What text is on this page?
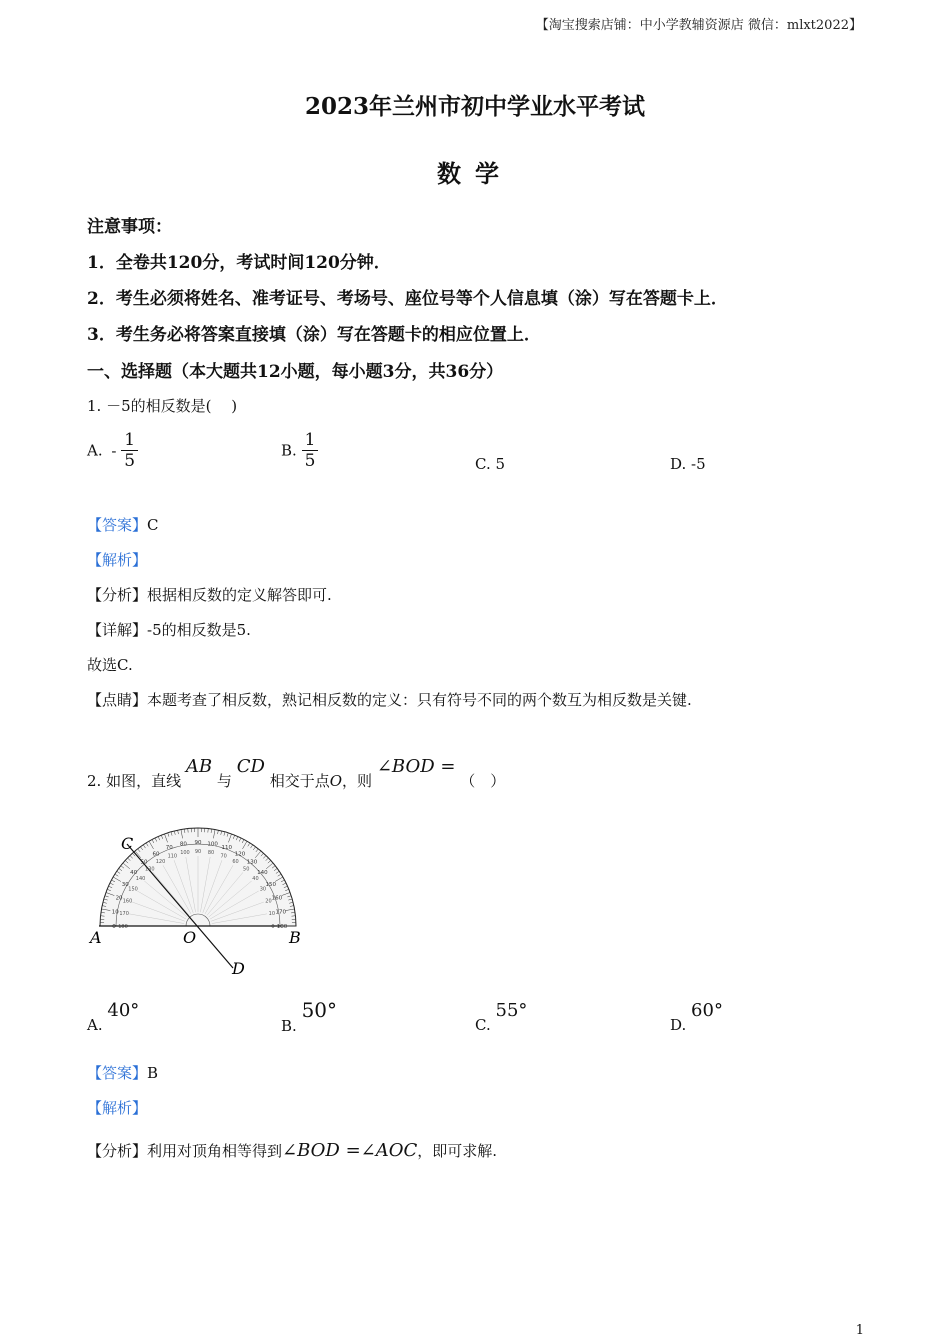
【淘宝搜索店铺：中小学教辅资源店 微信：mlxt2022】
2023年兰州市初中学业水平考试
数学
注意事项：
1．全卷共120分，考试时间120分钟．
2．考生必须将姓名、准考证号、考场号、座位号等个人信息填（涂）写在答题卡上．
3．考生务必将答案直接填（涂）写在答题卡的相应位置上．
一、选择题（本大题共12小题，每小题3分，共36分）
1. －5的相反数是(　 )
A. - $\frac{1}{5}$	B. $\frac{1}{5}$	C. 5	D. -5
【答案】C
【解析】
【分析】根据相反数的定义解答即可.
【详解】-5的相反数是5.
故选C.
【点睛】本题考查了相反数，熟记相反数的定义：只有符号不同的两个数互为相反数是关键.
2. 如图，直线 AB 与 CD 相交于点O，则 ∠BOD = （　）
0 180
10 170
20
160
30
150
40
140
50
130
60
120
70
110
80
100
90
90
100
80
110
70 120
60 130
50
140
40
150
30
160
20
170
10
180
0
C
A	O	B
D
A. 40°
B. 50°
C. 55°
D. 60°
【答案】B
【解析】
【分析】利用对顶角相等得到∠BOD =∠AOC，即可求解.
1
